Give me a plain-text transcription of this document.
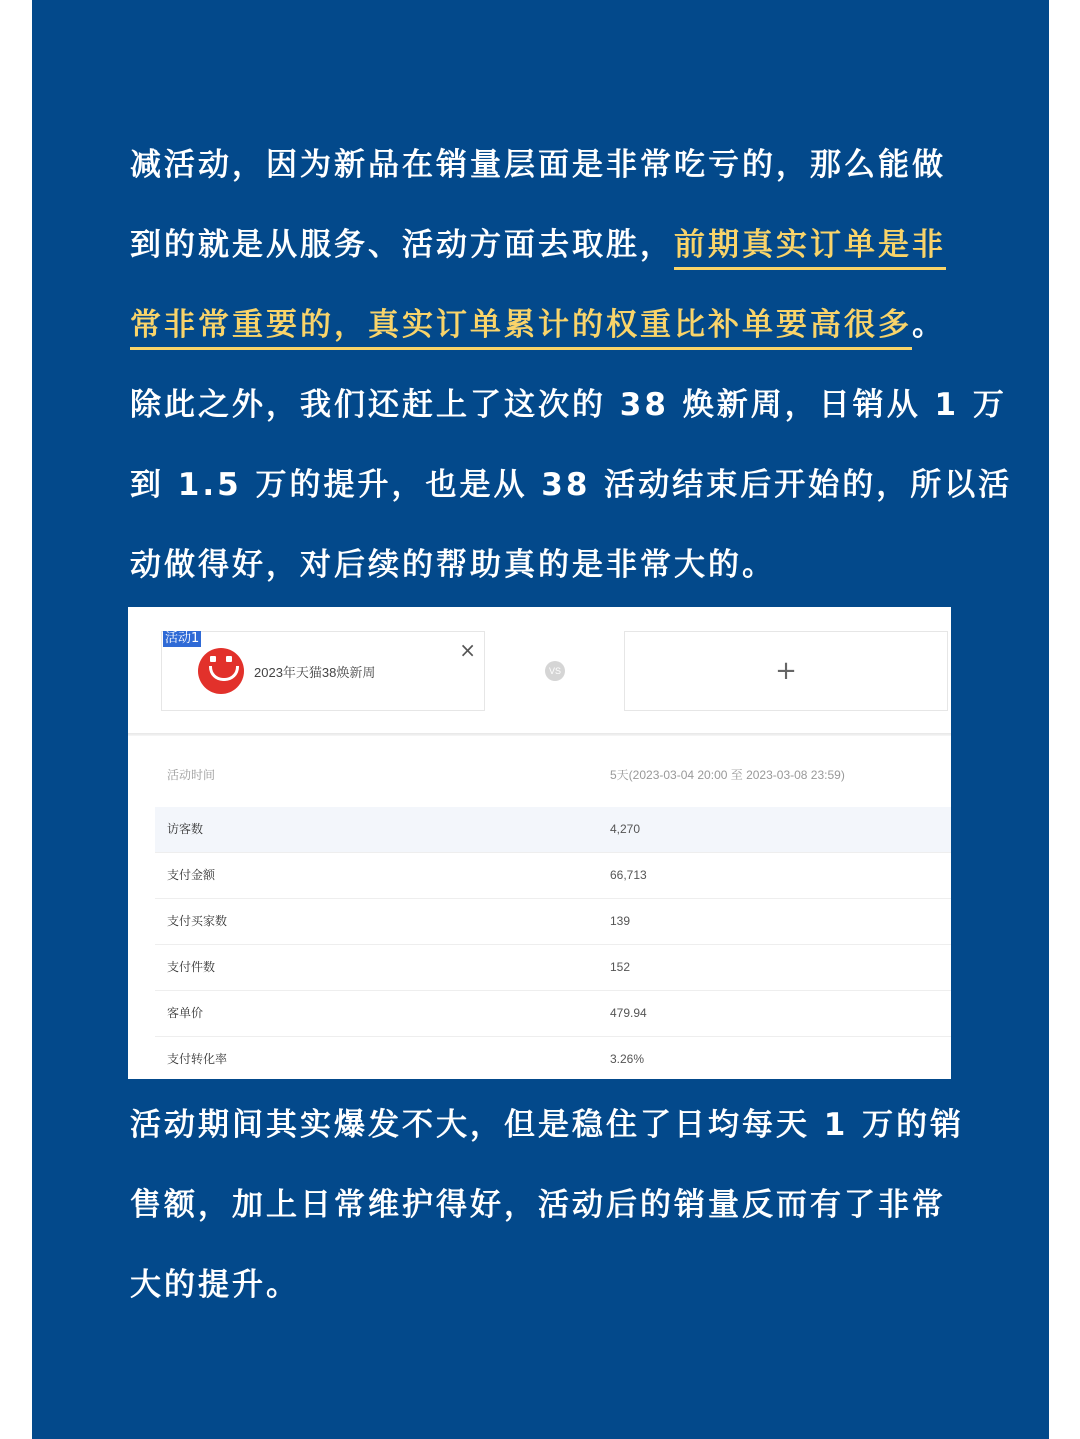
减活动，因为新品在销量层面是非常吃亏的，那么能做
到的就是从服务、活动方面去取胜，前期真实订单是非
常非常重要的，真实订单累计的权重比补单要高很多。
除此之外，我们还赶上了这次的 38 焕新周，日销从 1 万
到 1.5 万的提升，也是从 38 活动结束后开始的，所以活
动做得好，对后续的帮助真的是非常大的。
2023年天猫38焕新周
×
活动1
VS	+
活动时间	5天(2023-03-04 20:00 至 2023-03-08 23:59)
访客数	4,270
支付金额	66,713
支付买家数	139
支付件数	152
客单价	479.94
支付转化率	3.26%
活动期间其实爆发不大，但是稳住了日均每天 1 万的销
售额，加上日常维护得好，活动后的销量反而有了非常
大的提升。
